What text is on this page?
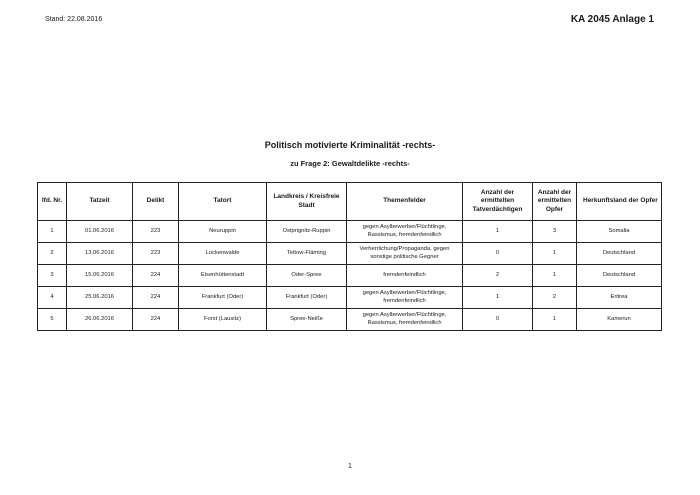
Stand: 22.08.2016	KA 2045 Anlage 1
Politisch motivierte Kriminalität -rechts-
zu Frage 2: Gewaltdelikte -rechts-
lfd. Nr.	Tatzeit	Delikt	Tatort	Landkreis / Kreisfreie Stadt	Themenfelder	Anzahl der ermittelten Tatverdächtigen	Anzahl der ermittelten Opfer	Herkunftsland der Opfer
1	01.06.2016	223	Neuruppin	Ostprignitz-Ruppin	gegen Asylbewerber/Flüchtlinge, Rassismus, fremdenfeindlich	1	3	Somalia
2	13.06.2016	223	Luckenwalde	Teltow-Fläming	Verherrlichung/Propaganda, gegen sonstige politische Gegner	0	1	Deutschland
3	15.06.2016	224	Eisenhüttenstadt	Oder-Spree	fremdenfeindlich	2	1	Deutschland
4	25.06.2016	224	Frankfurt (Oder)	Frankfurt (Oder)	gegen Asylbewerber/Flüchtlinge, fremdenfeindlich	1	2	Eritrea
5	26.06.2016	224	Forst (Lausitz)	Spree-Neiße	gegen Asylbewerber/Flüchtlinge, Rassismus, fremdenfeindlich	0	1	Kamerun
1
